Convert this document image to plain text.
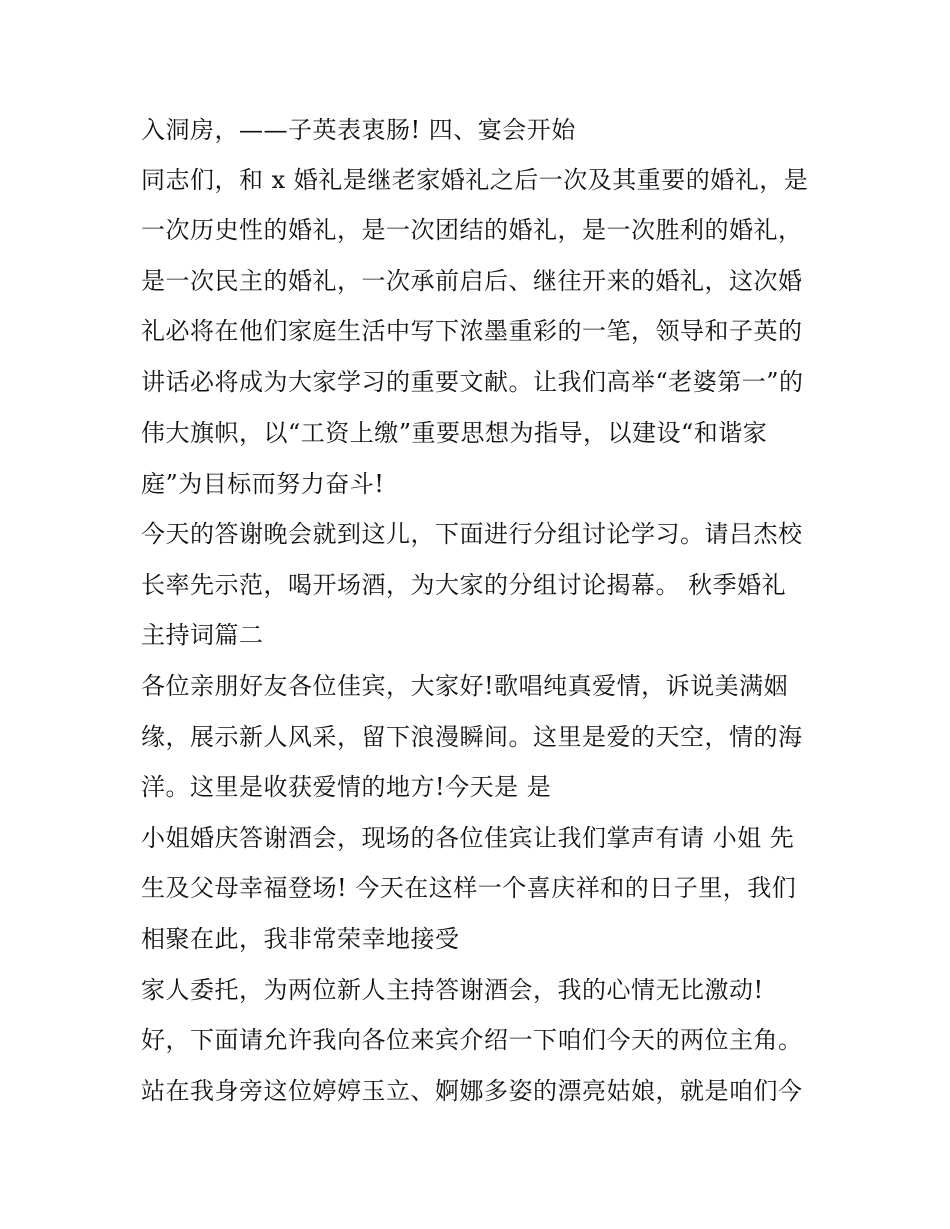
入洞房，——子英表衷肠! 四、宴会开始
同志们，和 x 婚礼是继老家婚礼之后一次及其重要的婚礼，是
一次历史性的婚礼，是一次团结的婚礼，是一次胜利的婚礼，
是一次民主的婚礼，一次承前启后、继往开来的婚礼，这次婚
礼必将在他们家庭生活中写下浓墨重彩的一笔，领导和子英的
讲话必将成为大家学习的重要文献。让我们高举“老婆第一”的
伟大旗帜，以“工资上缴”重要思想为指导，以建设“和谐家
庭”为目标而努力奋斗!
今天的答谢晚会就到这儿，下面进行分组讨论学习。请吕杰校
长率先示范，喝开场酒，为大家的分组讨论揭幕。 秋季婚礼
主持词篇二
各位亲朋好友各位佳宾，大家好!歌唱纯真爱情，诉说美满姻
缘，展示新人风采，留下浪漫瞬间。这里是爱的天空，情的海
洋。这里是收获爱情的地方!今天是 是
小姐婚庆答谢酒会，现场的各位佳宾让我们掌声有请 小姐 先
生及父母幸福登场! 今天在这样一个喜庆祥和的日子里，我们
相聚在此，我非常荣幸地接受
家人委托，为两位新人主持答谢酒会，我的心情无比激动!
好，下面请允许我向各位来宾介绍一下咱们今天的两位主角。
站在我身旁这位婷婷玉立、婀娜多姿的漂亮姑娘，就是咱们今
